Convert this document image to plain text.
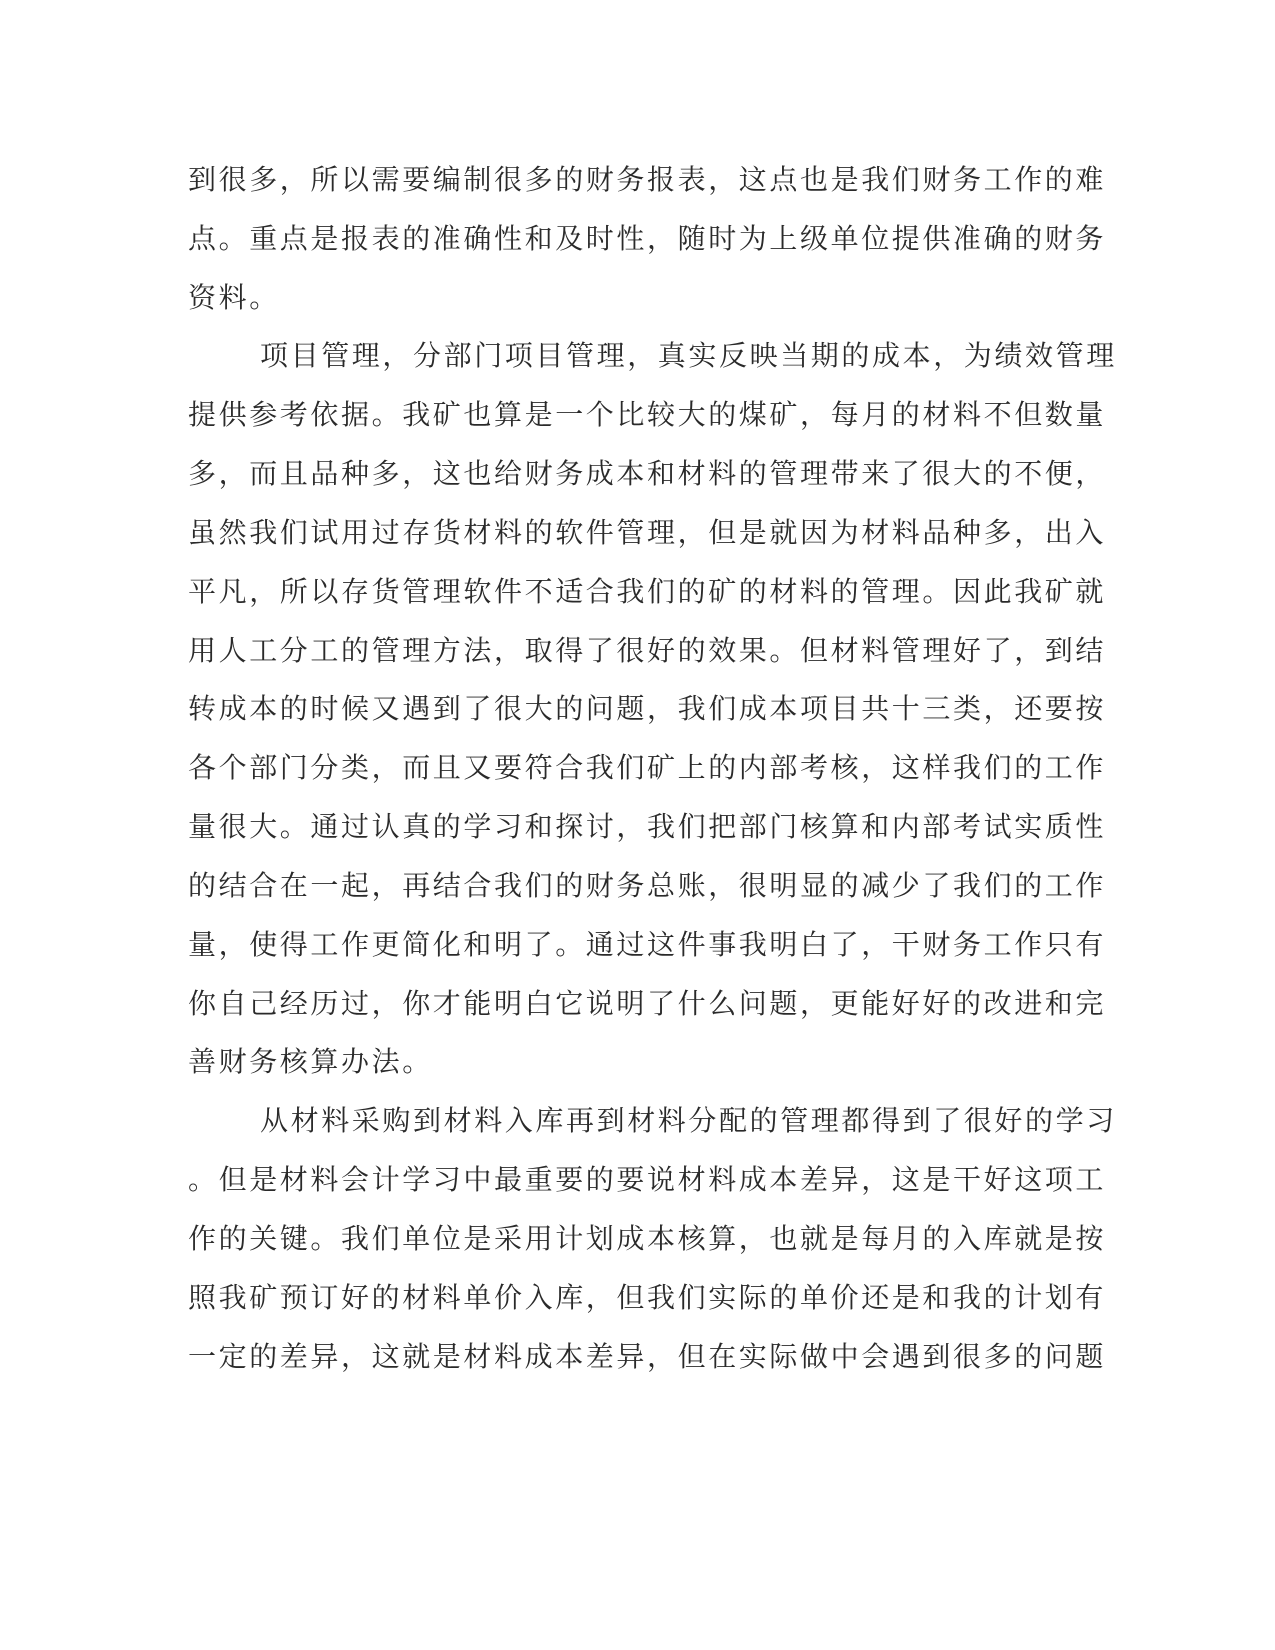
到很多，所以需要编制很多的财务报表，这点也是我们财务工作的难
点。重点是报表的准确性和及时性，随时为上级单位提供准确的财务
资料。
项目管理，分部门项目管理，真实反映当期的成本，为绩效管理
提供参考依据。我矿也算是一个比较大的煤矿，每月的材料不但数量
多，而且品种多，这也给财务成本和材料的管理带来了很大的不便，
虽然我们试用过存货材料的软件管理，但是就因为材料品种多，出入
平凡，所以存货管理软件不适合我们的矿的材料的管理。因此我矿就
用人工分工的管理方法，取得了很好的效果。但材料管理好了，到结
转成本的时候又遇到了很大的问题，我们成本项目共十三类，还要按
各个部门分类，而且又要符合我们矿上的内部考核，这样我们的工作
量很大。通过认真的学习和探讨，我们把部门核算和内部考试实质性
的结合在一起，再结合我们的财务总账，很明显的减少了我们的工作
量，使得工作更简化和明了。通过这件事我明白了，干财务工作只有
你自己经历过，你才能明白它说明了什么问题，更能好好的改进和完
善财务核算办法。
从材料采购到材料入库再到材料分配的管理都得到了很好的学习
。但是材料会计学习中最重要的要说材料成本差异，这是干好这项工
作的关键。我们单位是采用计划成本核算，也就是每月的入库就是按
照我矿预订好的材料单价入库，但我们实际的单价还是和我的计划有
一定的差异，这就是材料成本差异，但在实际做中会遇到很多的问题
